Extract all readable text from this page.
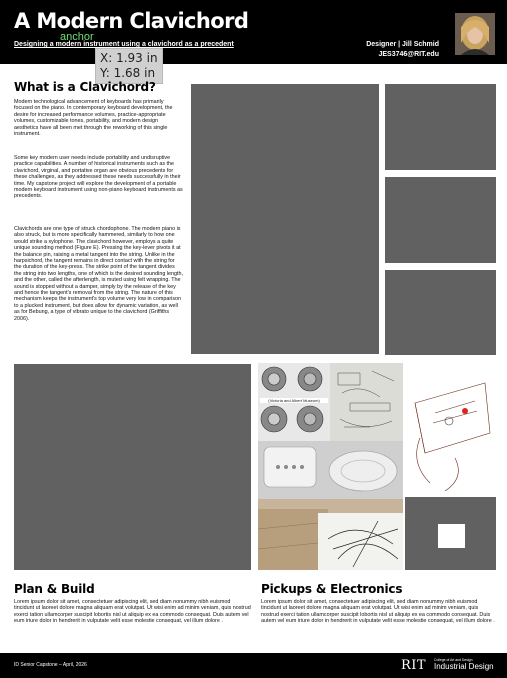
A Modern Clavichord
Designing a modern instrument using a clavichord as a precedent
anchor
Designer | Jill Schmid
JES3746@RIT.edu
X: 1.93 in
Y: 1.68 in
What is a Clavichord?
Modern technological advancement of keyboards has primarily focused on the piano. In contemporary keyboard development, the desire for increased performance volumes, practice-appropriate volumes, customizable tones, portability, and modern design aesthetics have all been met through the reworking of this single instrument.
Some key modern user needs include portability and undisruptive practice capabilities. A number of historical instruments such as the clavichord, virginal, and portative organ are obvious precedents for these challenges, as they addressed these needs successfully in their time. My capstone project will explore the development of a portable modern keyboard instrument using non-piano keyboard instruments as precedents.
Clavichords are one type of struck chordophone. The modern piano is also struck, but is more specifically hammered, similarly to how one would strike a xylophone. The clavichord however, employs a quite unique sounding method (Figure E). Pressing the key-lever pivots it at the balance pin, raising a metal tangent into the string. Unlike in the harpsichord, the tangent remains in direct contact with the string for the duration of the key-press. The strike point of the tangent divides the string into two lengths, one of which is the desired sounding length, and the other, called the afterlength, is muted using felt wrapping. The sound is stopped without a damper, simply by the release of the key and hence the tangent's removal from the string. The nature of this mechanism keeps the instrument's top volume very low in comparison to a plucked instrument, but does allow for dynamic variation, as well as for Bebung, a type of vibrato unique to the clavichord (Griffiths 2006).
(Victoria and Albert Museum)
Plan & Build
Lorem ipsum dolor sit amet, consectetuer adipiscing elit, sed diam nonummy nibh euismod tincidunt ut laoreet dolore magna aliquam erat volutpat. Ut wisi enim ad minim veniam, quis nostrud exerci tation ullamcorper suscipit lobortis nisl ut aliquip ex ea commodo consequat. Duis autem vel eum iriure dolor in hendrerit in vulputate velit esse molestie consequat, vel illum dolore .
Pickups & Electronics
Lorem ipsum dolor sit amet, consectetuer adipiscing elit, sed diam nonummy nibh euismod tincidunt ut laoreet dolore magna aliquam erat volutpat. Ut wisi enim ad minim veniam, quis nostrud exerci tation ullamcorper suscipit lobortis nisl ut aliquip ex ea commodo consequat. Duis autem vel eum iriure dolor in hendrerit in vulputate velit esse molestie consequat, vel illum dolore .
ID Senior Capstone – April, 2026	RIT College of Art and Design
Industrial Design
